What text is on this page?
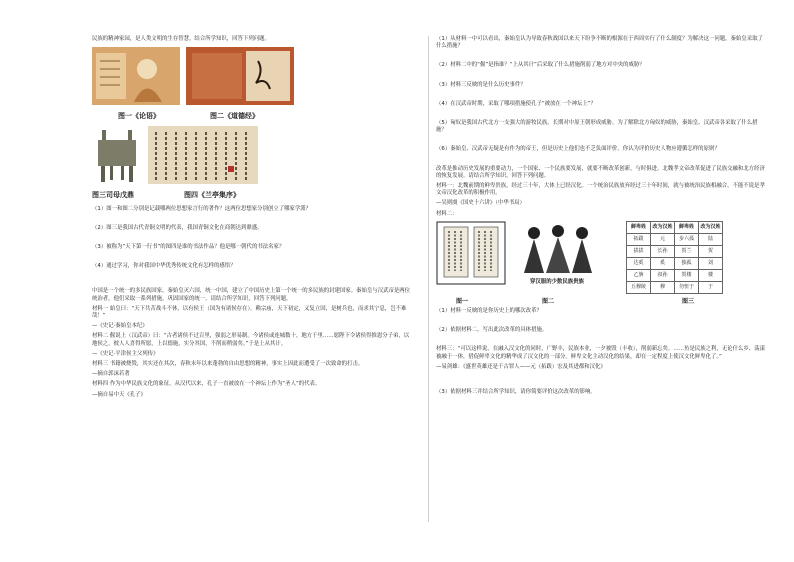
民族的精神家园，是人类文明的生存智慧。结合所学知识，回答下列问题。

图一《论语》	图二《道德经》
图三司母戊鼎	图四《兰亭集序》

（1）图一和图二分别是记载哪两位思想家言行的著作？这两位思想家分别创立了哪家学派？

（2）图三是我国古代青铜文明的代表，我国青铜文化在商朝达到鼎盛。

（3）被称为“天下第一行书”的图四是谁的书法作品？他是哪一朝代的书法名家？

（4）通过学习，你对我国中华优秀传统文化有怎样的感悟？

中国是一个统一的多民族国家。秦始皇灭六国，统一中国，建立了中国历史上第一个统一的多民族的封建国家。秦始皇与汉武帝是两位统治者，他们采取一系列措施，巩固国家的统一。请结合所学知识，回答下列问题。

材料一 始皇曰：“天下共苦战斗不休，以有侯王（国为有诸侯存在）。赖宗庙，天下初定，又复立国，是树兵也，而求其宁息，岂不难哉！”

—《史记·秦始皇本纪》

材料二 偃说上（汉武帝）曰：“古者诸侯不过百里，强弱之形易制。今诸侯或连城数十，地方千里……愿陛下令诸侯得推恩分子弟，以地侯之。彼人人喜得所愿，上以德施，实分其国，不削而稍弱矣。”于是上从其计。

—《史记·平津侯主父列传》

材料三 书籍被烧毁，其实还在其次，春秋末年以来蓬勃的自由思想的精神，事实上因此而遭受了一次致命的打击。

—摘自郭沫若著

材料四 作为中华民族文化的象征，从汉代以来，孔子一直被放在一个神坛上作为“圣人”的代表。

—摘自易中天《孔子》

（1）从材料一中可以看出，秦始皇认为导致春秋战国以来天下纷争不断的根源在于西周实行了什么制度？为解决这一问题，秦始皇采取了什么措施？

（2）材料二中的“偃”是指谁？“上从其计”后采取了什么措施削弱了地方对中央的威胁？

（3）材料三反映的是什么历史事件？

（4）在汉武帝时期，采取了哪项措施使孔子“被放在一个神坛上”？

（5）匈奴是我国古代北方一支强大的游牧民族。长期对中原王朝形成威胁。为了解除北方匈奴的威胁，秦始皇、汉武帝各采取了什么措施？

（6）秦始皇、汉武帝无疑是有作为的帝王，但是历史上他们也不乏负面评价。你认为评价历史人物应遵循怎样的原则？

改革是推动历史发展的重要动力，一个国家、一个民族要发展，就要不断改革创新，与时俱进。北魏孝文帝改革促进了民族交融和北方经济的恢复发展。请结合所学知识，回答下列问题。

材料一：北魏前期的鲜卑贵族，经过三十年，大体上已经汉化。一个统治民族放弃经过三十年时间，就与被统治民族相融合，不能不说是孝文帝汉化改革的积极作用。

—吴则虞《国史十六讲》（中华书局）

材料二：

穿汉服的少数民族贵族
鲜卑姓	改为汉姓	鲜卑姓	改为汉姓
拓跋	元	步六孤	陆
拔拔	长孙	贺兰	贺
达奚	奚	独孤	刘
乙旃	叔孙	贺楼	楼
丘穆陵	穆	勿忸于	于
图一	图二	图三

（1）材料一反映的是你历史上的哪次改革？

（2）依据材料二，写出此次改革的具体措施。

材料三：“可以这样说，在融入汉文化的同时，广野丰，民族本业，一夕被毁（丰收），削弱新忘矣。……鱼是民族之利，无论什么乡、荡漾被融于一体，借促鲜卑文化的精华成了汉文化的一部分。鲜卑文化主动汉化的结果，却在一定程度上使汉文化鲜卑化了。”

—易剑雄：《盛世英雄还是千古罪人——元（拓跋）宏及其进都和汉化》

（3）依据材料三并结合所学知识，请你简要评价这次改革的影响。
